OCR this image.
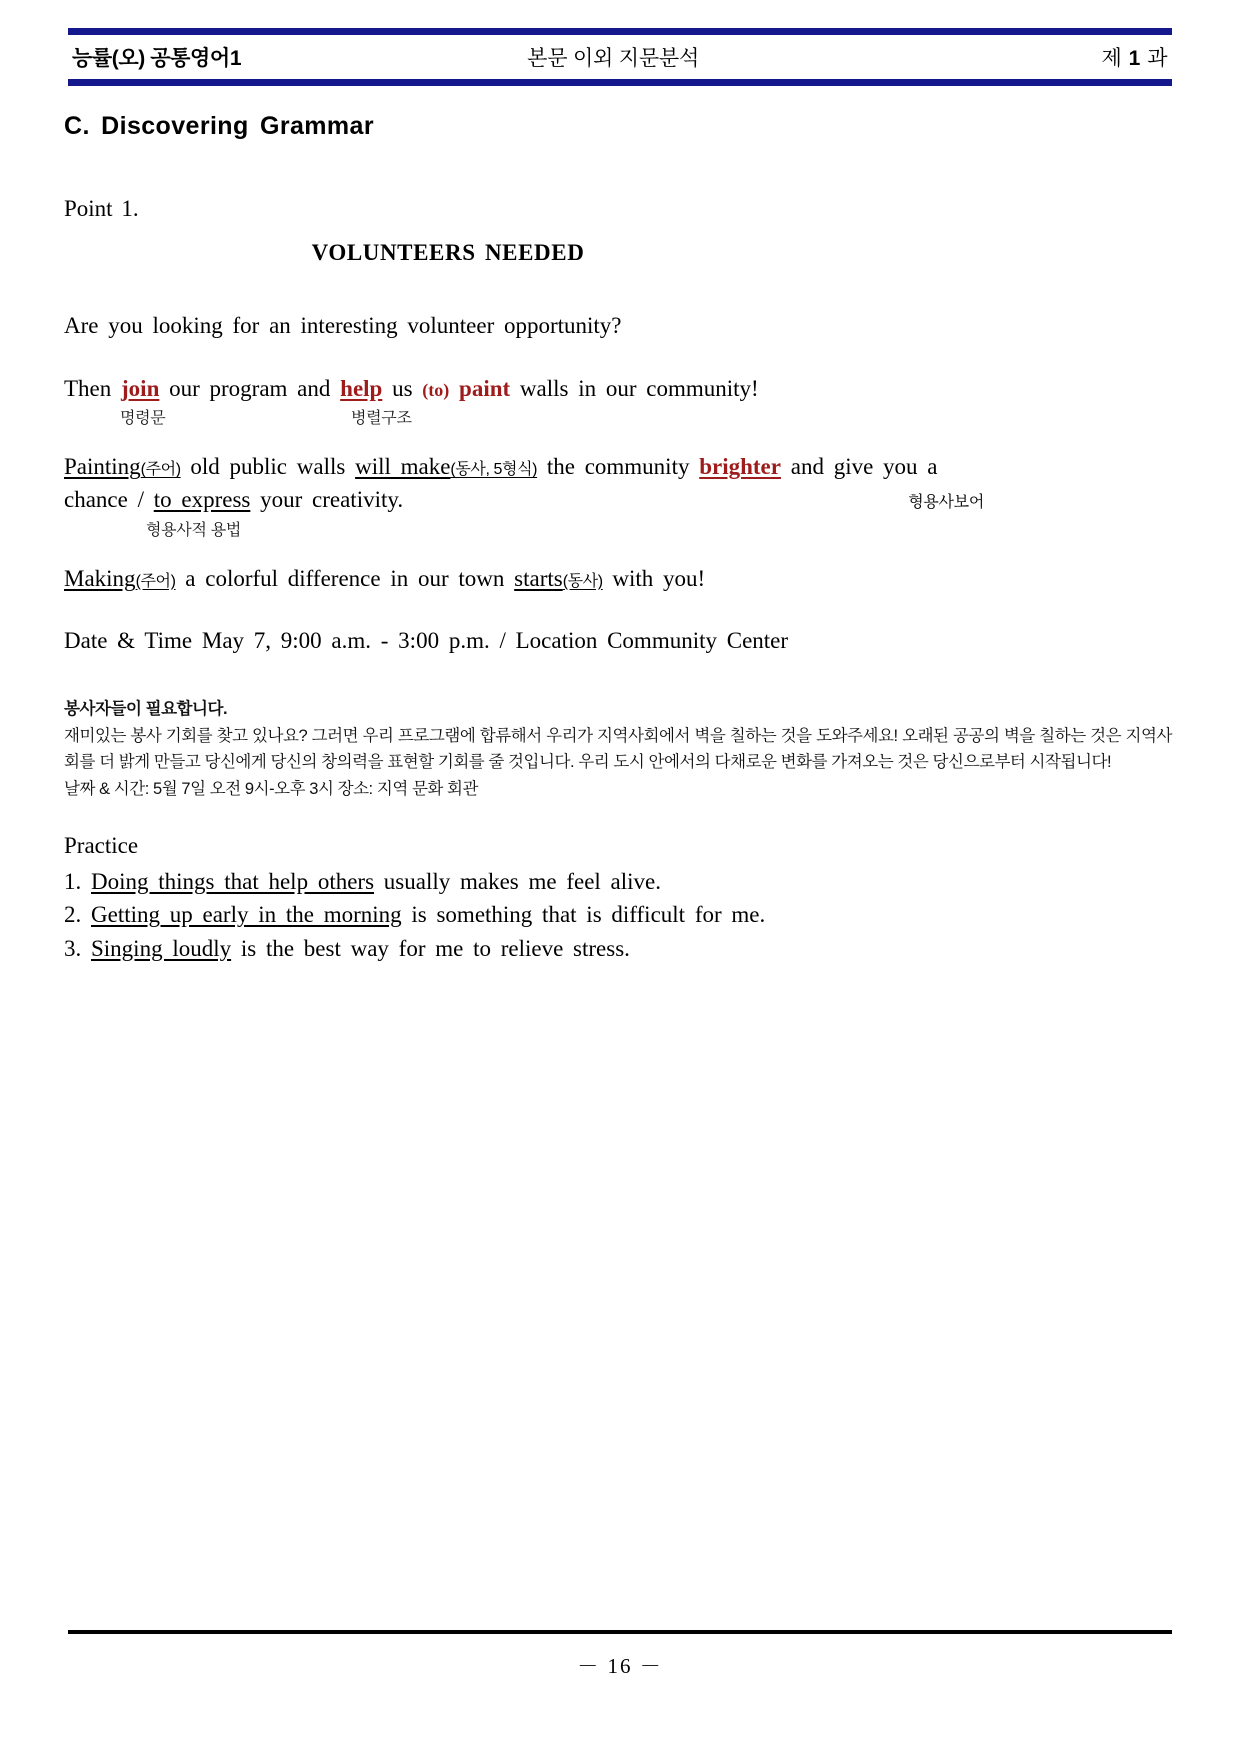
능률(오) 공통영어1	본문 이외 지문분석	제 1 과
C. Discovering Grammar
Point 1.
VOLUNTEERS NEEDED
Are you looking for an interesting volunteer opportunity?
Then join our program and help us (to) paint walls in our community!
명령문	병렬구조
Painting(주어) old public walls will make(동사, 5형식) the community brighter and give you a
chance / to express your creativity.	형용사보어
형용사적 용법
Making(주어) a colorful difference in our town starts(동사) with you!
Date & Time May 7, 9:00 a.m. - 3:00 p.m. / Location Community Center
봉사자들이 필요합니다.

재미있는 봉사 기회를 찾고 있나요? 그러면 우리 프로그램에 합류해서 우리가 지역사회에서 벽을 칠하는 것을 도와주세요! 오래된 공공의 벽을 칠하는 것은 지역사회를 더 밝게 만들고 당신에게 당신의 창의력을 표현할 기회를 줄 것입니다. 우리 도시 안에서의 다채로운 변화를 가져오는 것은 당신으로부터 시작됩니다!

날짜 & 시간: 5월 7일 오전 9시-오후 3시 장소: 지역 문화 회관

Practice
1. Doing things that help others usually makes me feel alive.
2. Getting up early in the morning is something that is difficult for me.
3. Singing loudly is the best way for me to relieve stress.
－ 16 －
